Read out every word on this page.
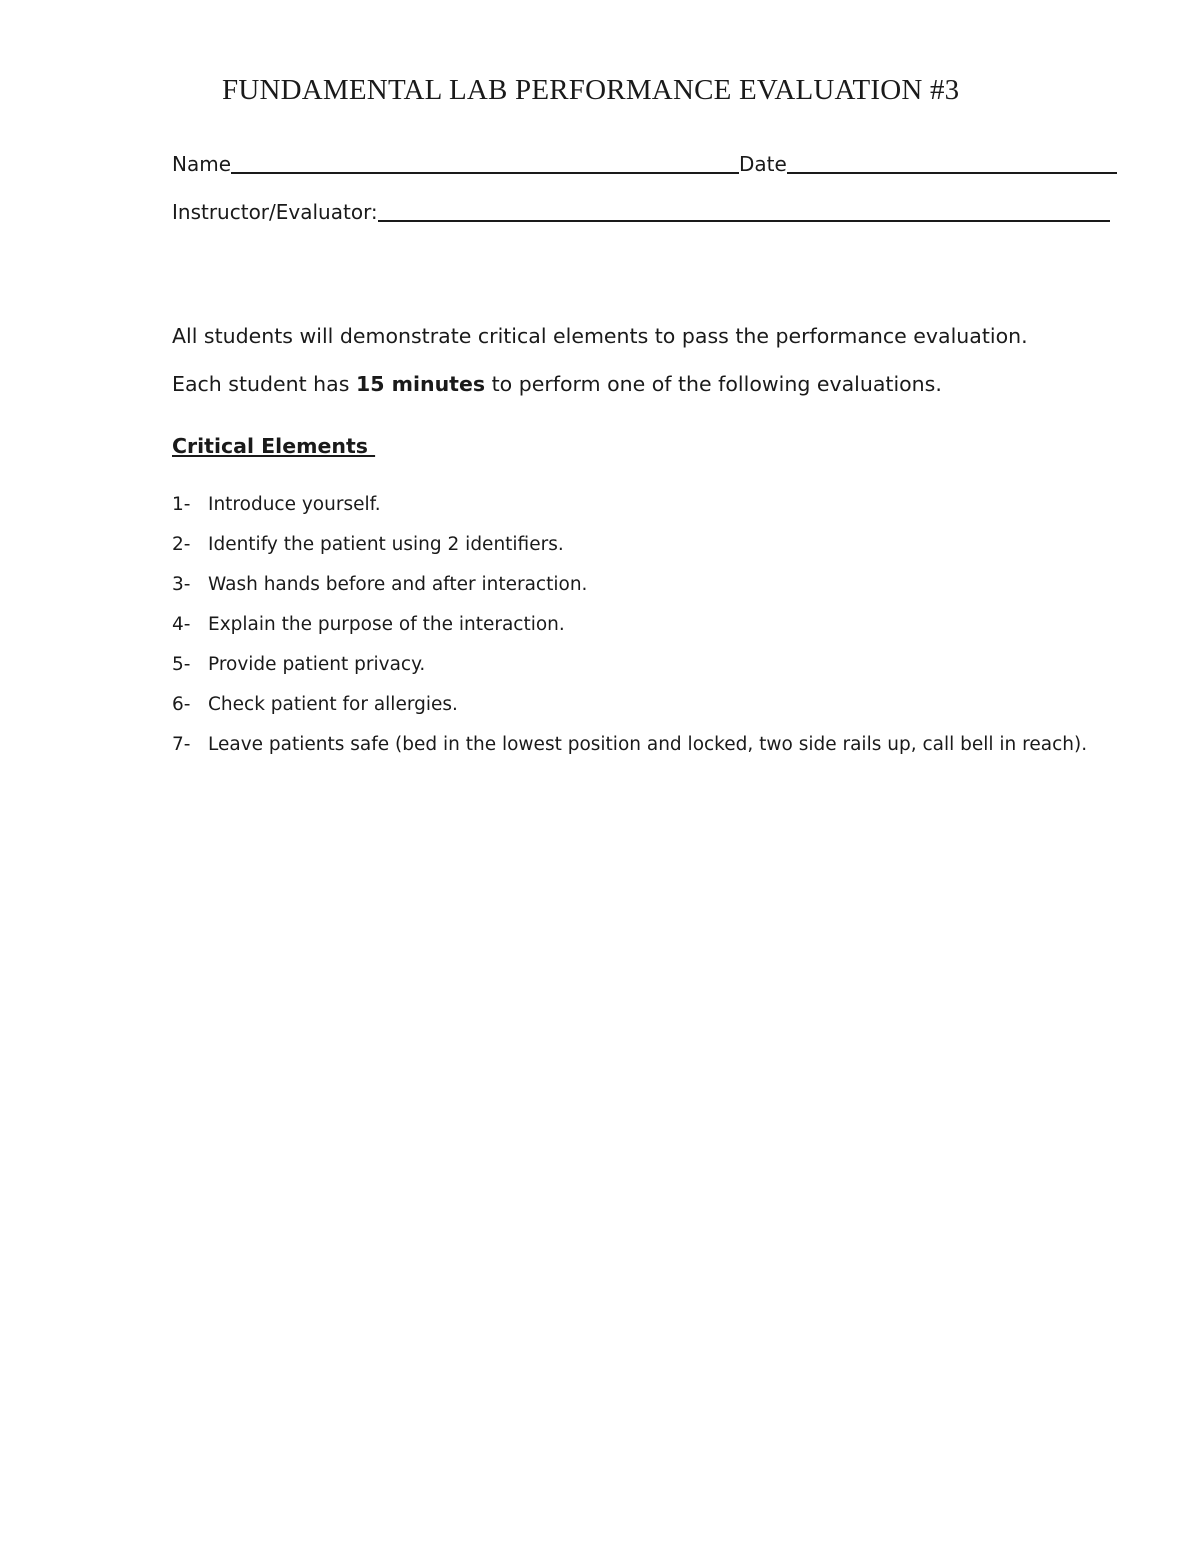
FUNDAMENTAL LAB PERFORMANCE EVALUATION #3
Name	Date
Instructor/Evaluator:
All students will demonstrate critical elements to pass the performance evaluation.
Each student has 15 minutes to perform one of the following evaluations.
Critical Elements
1- Introduce yourself.
2- Identify the patient using 2 identifiers.
3- Wash hands before and after interaction.
4- Explain the purpose of the interaction.
5- Provide patient privacy.
6- Check patient for allergies.
7- Leave patients safe (bed in the lowest position and locked, two side rails up, call bell in reach).
